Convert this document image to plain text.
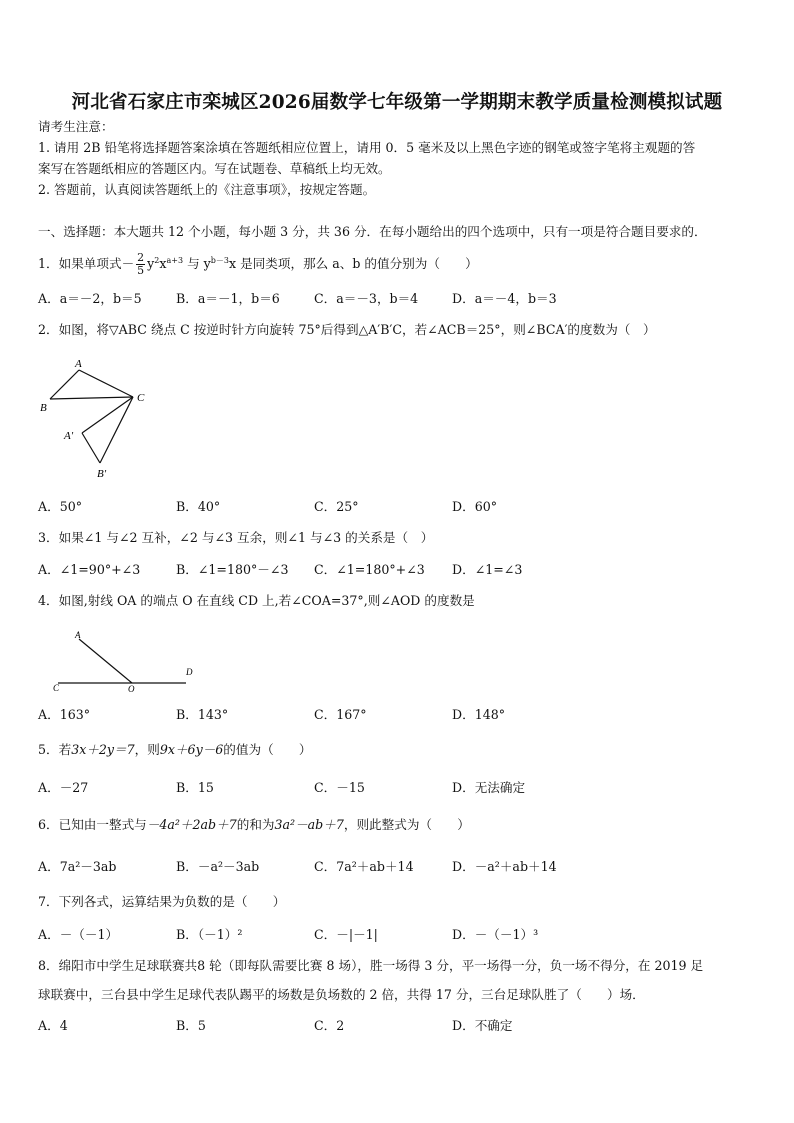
河北省石家庄市栾城区2026届数学七年级第一学期期末教学质量检测模拟试题
请考生注意：
1. 请用 2B 铅笔将选择题答案涂填在答题纸相应位置上，请用 0．5 毫米及以上黑色字迹的钢笔或签字笔将主观题的答
案写在答题纸相应的答题区内。写在试题卷、草稿纸上均无效。
2. 答题前，认真阅读答题纸上的《注意事项》，按规定答题。
一、选择题：本大题共 12 个小题，每小题 3 分，共 36 分．在每小题给出的四个选项中，只有一项是符合题目要求的．
1．如果单项式－ $\frac{2}{5} y^2x^{a+3}$ 与 $y^{b-3}x$ 是同类项，那么 a、b 的值分别为（　　）
A．a＝－2，b＝5	B．a＝－1，b＝6	C．a＝－3，b＝4	D．a＝－4，b＝3
2．如图，将▽ABC 绕点 C 按逆时针方向旋转 75°后得到△A′B′C，若∠ACB＝25°，则∠BCA′的度数为（　）
A
B
C
A′
B′
A．50°	B．40°	C．25°	D．60°
3．如果∠1 与∠2 互补，∠2 与∠3 互余，则∠1 与∠3 的关系是（　）
A．∠1=90°+∠3	B．∠1=180°－∠3 C．∠1=180°+∠3 D．∠1=∠3
4．如图,射线 OA 的端点 O 在直线 CD 上,若∠COA=37°,则∠AOD 的度数是
A
C	O
D
A．163°	B．143°	C．167°	D．148°
5．若3x＋2y＝7，则9x＋6y－6的值为（　　）
A．－27	B．15	C．－15	D．无法确定
6．已知由一整式与－4a²＋2ab＋7的和为3a²－ab＋7，则此整式为（　　）
A．7a²－3ab	B．－a²－3ab	C．7a²＋ab＋14	D．－a²＋ab＋14
7．下列各式，运算结果为负数的是（　　）
A．－（－1）	B．（－1）²	C．－|－1|	D．－（－1）³
8．绵阳市中学生足球联赛共8 轮（即每队需要比赛 8 场），胜一场得 3 分，平一场得一分，负一场不得分，在 2019 足
球联赛中，三台县中学生足球代表队踢平的场数是负场数的 2 倍，共得 17 分，三台足球队胜了（　　）场．
A．4	B．5	C．2	D．不确定
